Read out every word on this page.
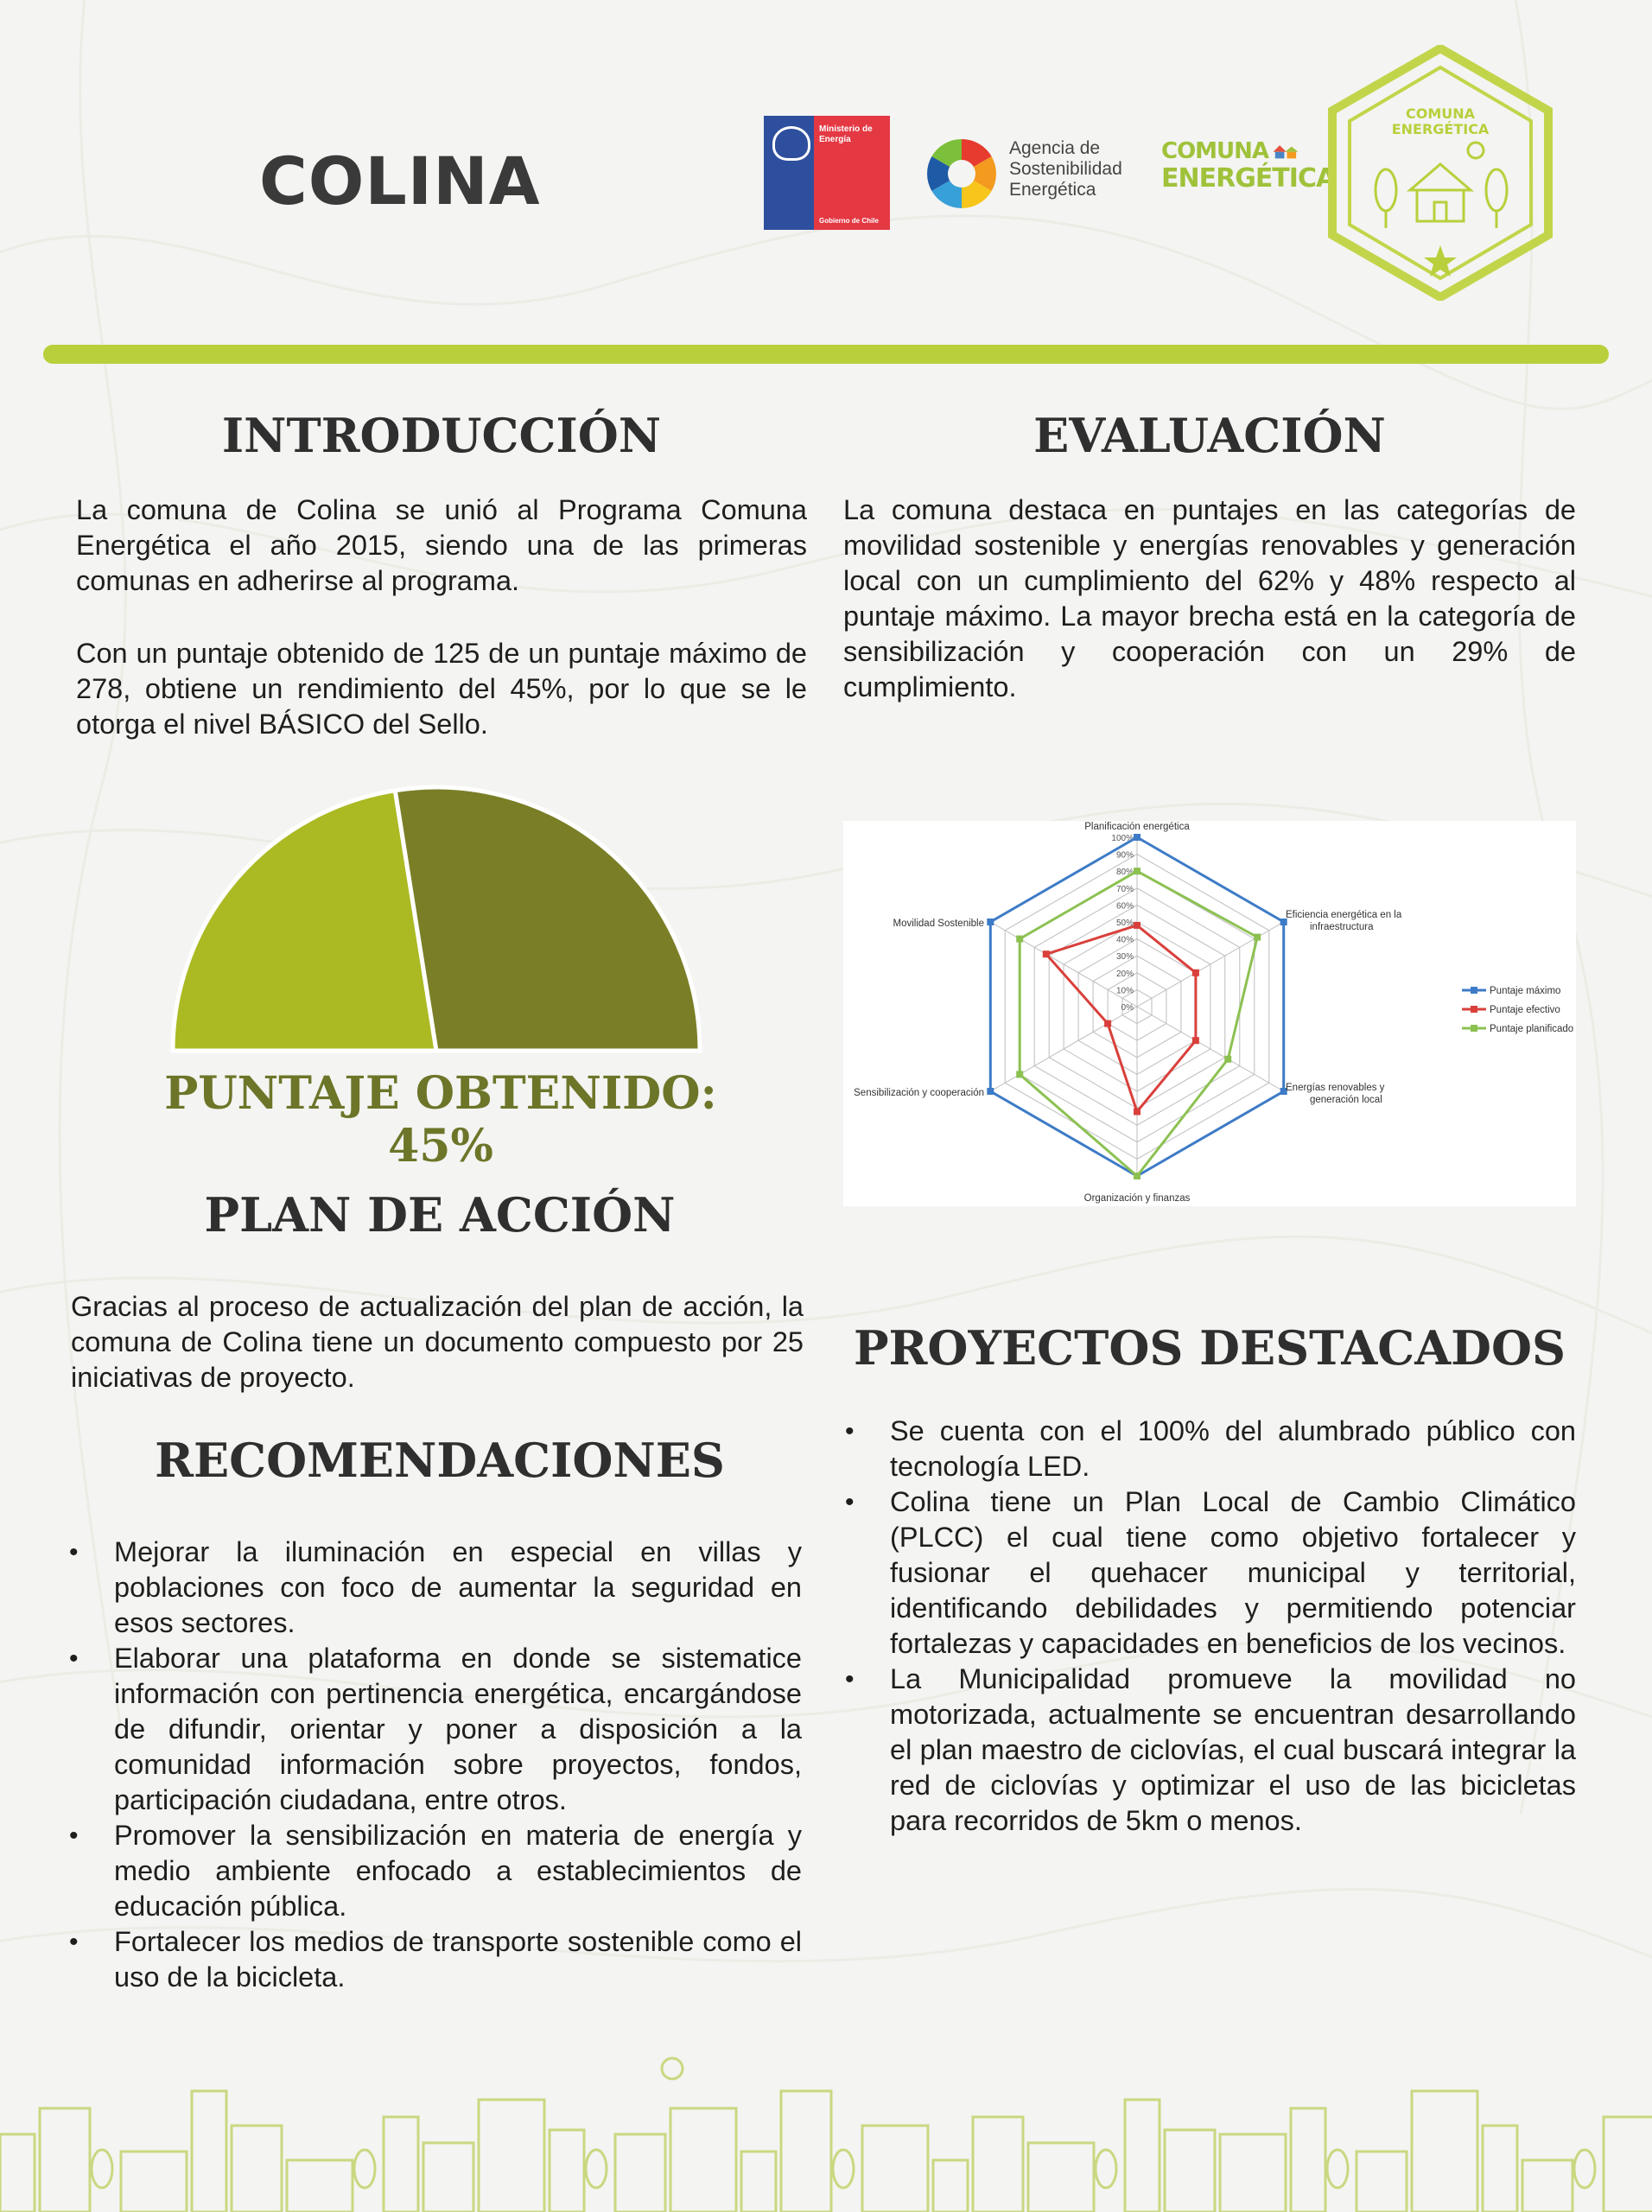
COLINA
Ministerio de
Energía
Gobierno de Chile
Agencia de
Sostenibilidad
Energética
COMUNA
ENERGÉTICA
COMUNA
ENERGÉTICA
INTRODUCCIÓN

La comuna de Colina se unió al Programa Comuna Energética el año 2015, siendo una de las primeras comunas en adherirse al programa.

Con un puntaje obtenido de 125 de un puntaje máximo de 278, obtiene un rendimiento del 45%, por lo que se le otorga el nivel BÁSICO del Sello.

PUNTAJE OBTENIDO: 45%
EVALUACIÓN

La comuna destaca en puntajes en las categorías de movilidad sostenible y energías renovables y generación local con un cumplimiento del 62% y 48% respecto al puntaje máximo. La mayor brecha está en la categoría de sensibilización y cooperación con un 29% de cumplimiento.

0%
10%
20%
30%
40%
50%
60%
70%
80%
90%
100%
Planificación energética
Eficiencia energética en la infraestructura
Energías renovables y generación local
Organización y finanzas
Sensibilización y cooperación
Movilidad Sostenible
Puntaje máximo
Puntaje efectivo
Puntaje planificado
PLAN DE ACCIÓN

Gracias al proceso de actualización del plan de acción, la comuna de Colina tiene un documento compuesto por 25 iniciativas de proyecto.

RECOMENDACIONES
• Mejorar la iluminación en especial en villas y poblaciones con foco de aumentar la seguridad en esos sectores.
• Elaborar una plataforma en donde se sistematice información con pertinencia energética, encargándose de difundir, orientar y poner a disposición a la comunidad información sobre proyectos, fondos, participación ciudadana, entre otros.
• Promover la sensibilización en materia de energía y medio ambiente enfocado a establecimientos de educación pública.
• Fortalecer los medios de transporte sostenible como el uso de la bicicleta.
PROYECTOS DESTACADOS
• Se cuenta con el 100% del alumbrado público con tecnología LED.
• Colina tiene un Plan Local de Cambio Climático (PLCC) el cual tiene como objetivo fortalecer y fusionar el quehacer municipal y territorial, identificando debilidades y permitiendo potenciar fortalezas y capacidades en beneficios de los vecinos.
• La Municipalidad promueve la movilidad no motorizada, actualmente se encuentran desarrollando el plan maestro de ciclovías, el cual buscará integrar la red de ciclovías y optimizar el uso de las bicicletas para recorridos de 5km o menos.
